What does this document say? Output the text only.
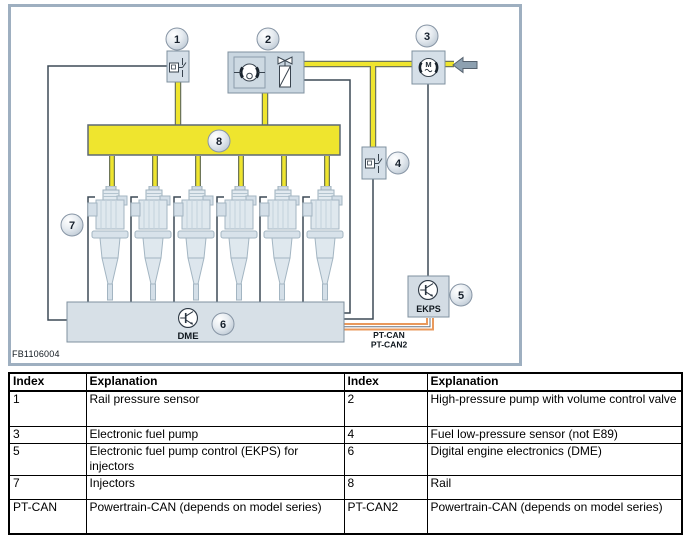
M
DME
EKPS
PT-CAN
PT-CAN2
FB1106004
1	2	3
4
5
6
7
8
Index	Explanation	Index	Explanation
1	Rail pressure sensor	2	High-pressure pump with volume control valve
3	Electronic fuel pump	4	Fuel low-pressure sensor (not E89)
5	Electronic fuel pump control (EKPS) for injectors	6	Digital engine electronics (DME)
7	Injectors	8	Rail
PT-CAN	Powertrain-CAN (depends on model series)	PT-CAN2	Powertrain-CAN (depends on model series)
